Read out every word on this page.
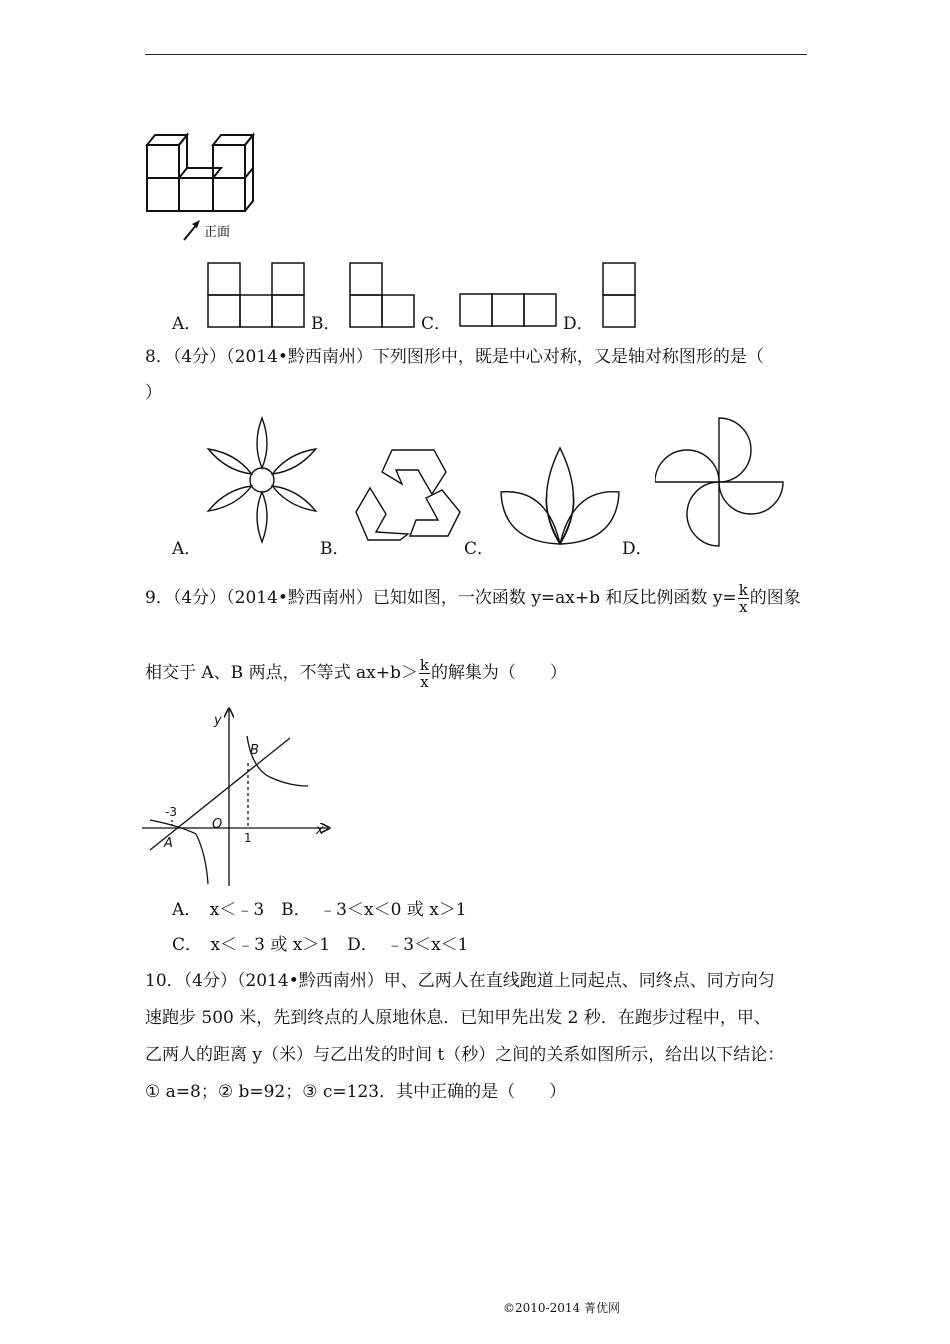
正面
A．	B．	C．	D．
8．（4分）（2014•黔西南州）下列图形中，既是中心对称，又是轴对称图形的是（
）
A．	B．	C．	D．
9．（4分）（2014•黔西南州）已知如图，一次函数 y=ax+b 和反比例函数 $y= \frac{k}{x}$ 的图象
相交于 A、B 两点，不等式 $ax+b> \frac{k}{x}$ 的解集为（　　）
y
x
O
A
B
-3
1
A．　x＜﹣3　B．　﹣3＜x＜0 或 x＞1
C．　x＜﹣3 或 x＞1　D．　﹣3＜x＜1
10．（4分）（2014•黔西南州）甲、乙两人在直线跑道上同起点、同终点、同方向匀
速跑步 500 米，先到终点的人原地休息．已知甲先出发 2 秒．在跑步过程中，甲、
乙两人的距离 y（米）与乙出发的时间 t（秒）之间的关系如图所示，给出以下结论：
① a=8；② b=92；③ c=123．其中正确的是（　　）
©2010-2014 菁优网
